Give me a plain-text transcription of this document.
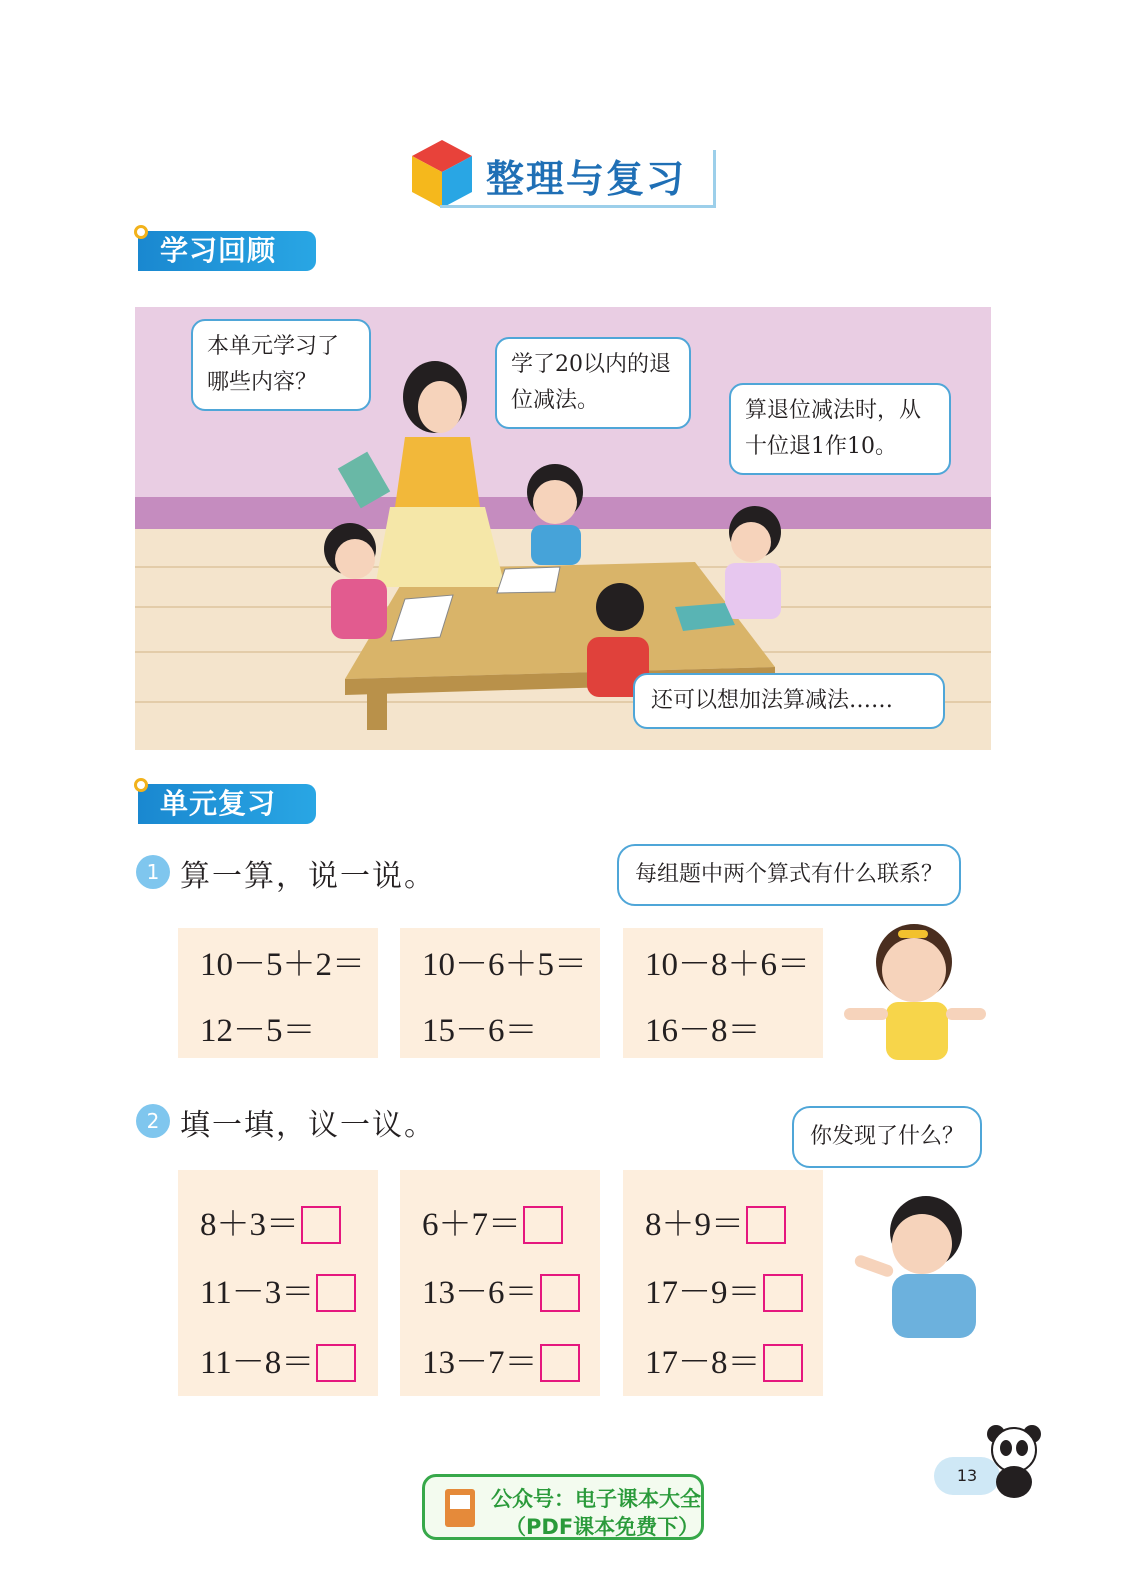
整理与复习
学习回顾
本单元学习了哪些内容？
学了20以内的退位减法。	算退位减法时，从十位退1作10。
还可以想加法算减法……
单元复习
1 算一算，说一说。	每组题中两个算式有什么联系？
10－5＋2＝
12－5＝
10－6＋5＝
15－6＝
10－8＋6＝
16－8＝
2 填一填，议一议。	你发现了什么？
8＋3＝
11－3＝
11－8＝
6＋7＝
13－6＝
13－7＝
8＋9＝
17－9＝
17－8＝
13
公众号：电子课本大全
（PDF课本免费下）
